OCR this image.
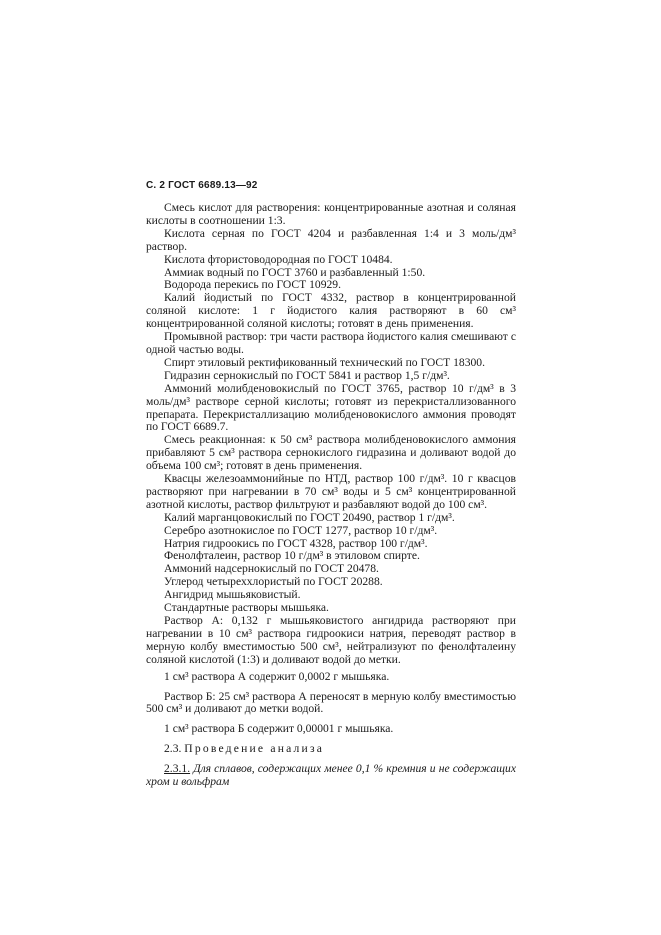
С. 2 ГОСТ 6689.13—92

Смесь кислот для растворения: концентрированные азотная и соляная кислоты в соотношении 1:3.

Кислота серная по ГОСТ 4204 и разбавленная 1:4 и 3 моль/дм³ раствор.

Кислота фтористоводородная по ГОСТ 10484.

Аммиак водный по ГОСТ 3760 и разбавленный 1:50.

Водорода перекись по ГОСТ 10929.

Калий йодистый по ГОСТ 4332, раствор в концентрированной соляной кислоте: 1 г йодистого калия растворяют в 60 см³ концентрированной соляной кислоты; готовят в день применения.

Промывной раствор: три части раствора йодистого калия смешивают с одной частью воды.

Спирт этиловый ректификованный технический по ГОСТ 18300.

Гидразин сернокислый по ГОСТ 5841 и раствор 1,5 г/дм³.

Аммоний молибденовокислый по ГОСТ 3765, раствор 10 г/дм³ в 3 моль/дм³ растворе серной кислоты; готовят из перекристаллизованного препарата. Перекристаллизацию молибденовокислого аммония проводят по ГОСТ 6689.7.

Смесь реакционная: к 50 см³ раствора молибденовокислого аммония прибавляют 5 см³ раствора сернокислого гидразина и доливают водой до объема 100 см³; готовят в день применения.

Квасцы железоаммонийные по НТД, раствор 100 г/дм³. 10 г квасцов растворяют при нагревании в 70 см³ воды и 5 см³ концентрированной азотной кислоты, раствор фильтруют и разбавляют водой до 100 см³.

Калий марганцовокислый по ГОСТ 20490, раствор 1 г/дм³.

Серебро азотнокислое по ГОСТ 1277, раствор 10 г/дм³.

Натрия гидроокись по ГОСТ 4328, раствор 100 г/дм³.

Фенолфталеин, раствор 10 г/дм³ в этиловом спирте.

Аммоний надсернокислый по ГОСТ 20478.

Углерод четыреххлористый по ГОСТ 20288.

Ангидрид мышьяковистый.

Стандартные растворы мышьяка.

Раствор А: 0,132 г мышьяковистого ангидрида растворяют при нагревании в 10 см³ раствора гидроокиси натрия, переводят раствор в мерную колбу вместимостью 500 см³, нейтрализуют по фенолфталеину соляной кислотой (1:3) и доливают водой до метки.

1 см³ раствора А содержит 0,0002 г мышьяка.

Раствор Б: 25 см³ раствора А переносят в мерную колбу вместимостью 500 см³ и доливают до метки водой.

1 см³ раствора Б содержит 0,00001 г мышьяка.

2.3. Проведение анализа

2.3.1. Для сплавов, содержащих менее 0,1 % кремния и не содержащих хром и вольфрам
